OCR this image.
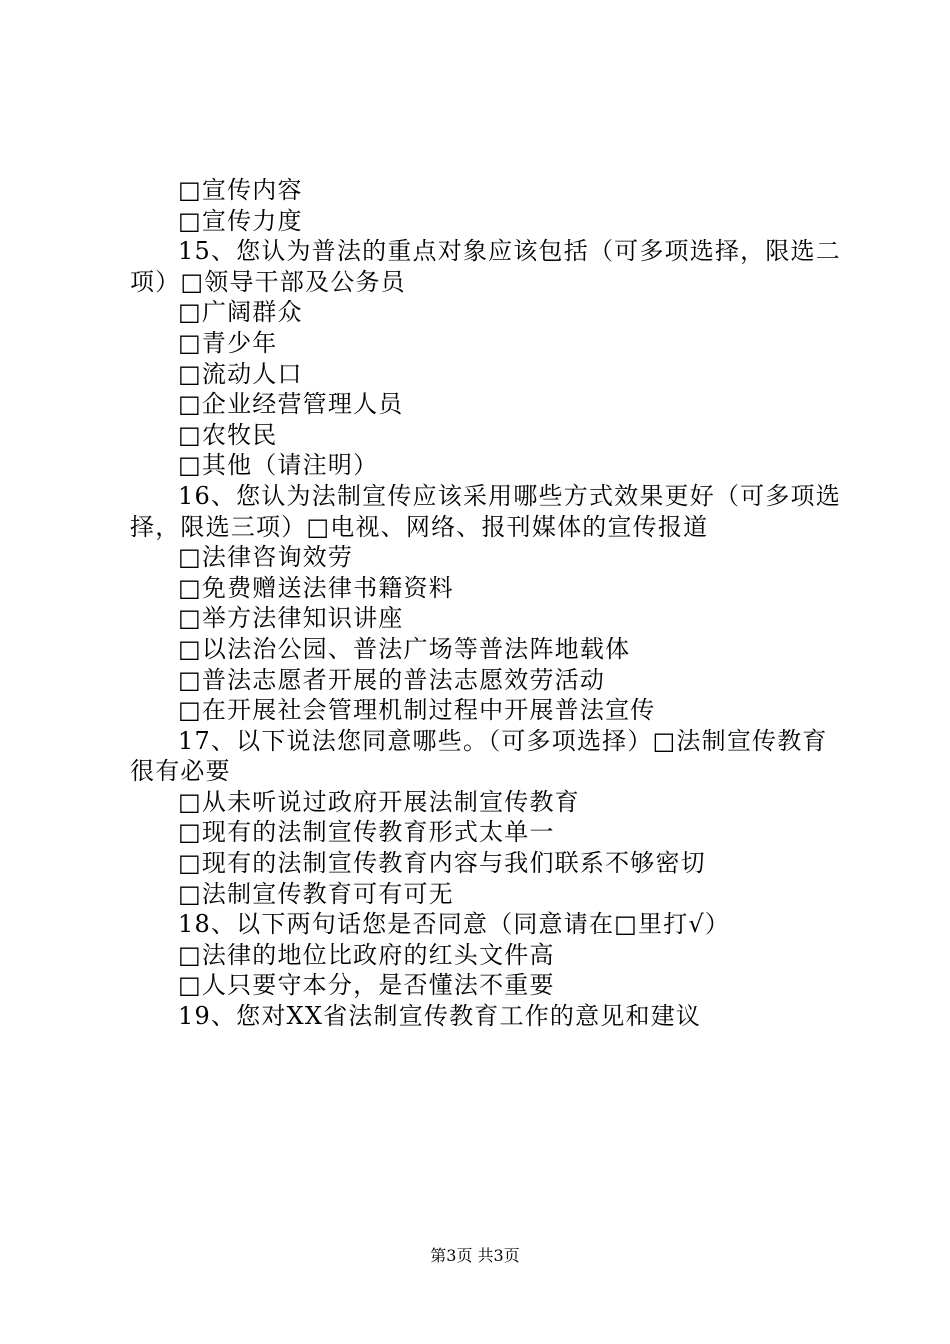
□宣传内容
□宣传力度
15、您认为普法的重点对象应该包括（可多项选择，限选二
项）□领导干部及公务员
□广阔群众
□青少年
□流动人口
□企业经营管理人员
□农牧民
□其他（请注明）
16、您认为法制宣传应该采用哪些方式效果更好（可多项选
择，限选三项）□电视、网络、报刊媒体的宣传报道
□法律咨询效劳
□免费赠送法律书籍资料
□举方法律知识讲座
□以法治公园、普法广场等普法阵地载体
□普法志愿者开展的普法志愿效劳活动
□在开展社会管理机制过程中开展普法宣传
17、以下说法您同意哪些。（可多项选择）□法制宣传教育
很有必要
□从未听说过政府开展法制宣传教育
□现有的法制宣传教育形式太单一
□现有的法制宣传教育内容与我们联系不够密切
□法制宣传教育可有可无
18、以下两句话您是否同意（同意请在□里打√）
□法律的地位比政府的红头文件高
□人只要守本分，是否懂法不重要
19、您对XX省法制宣传教育工作的意见和建议
第3页 共3页
